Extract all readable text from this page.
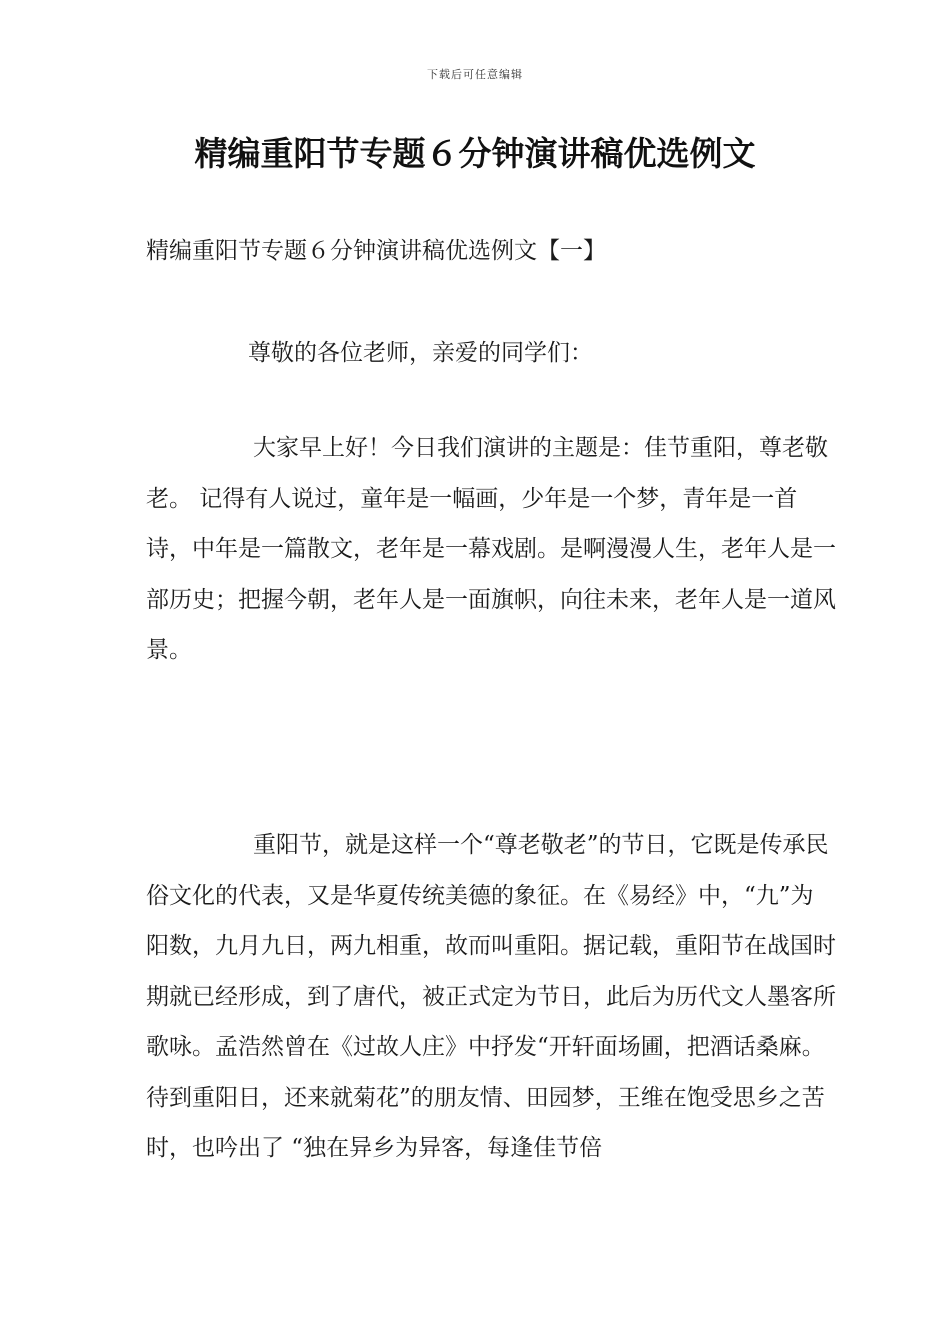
下载后可任意编辑
精编重阳节专题６分钟演讲稿优选例文
精编重阳节专题６分钟演讲稿优选例文【一】

尊敬的各位老师，亲爱的同学们：

大家早上好！今日我们演讲的主题是：佳节重阳，尊老敬老。 记得有人说过，童年是一幅画，少年是一个梦，青年是一首诗，中年是一篇散文，老年是一幕戏剧。是啊漫漫人生，老年人是一部历史；把握今朝，老年人是一面旗帜，向往未来，老年人是一道风景。

重阳节，就是这样一个“尊老敬老”的节日，它既是传承民俗文化的代表，又是华夏传统美德的象征。在《易经》中，“九”为阳数，九月九日，两九相重，故而叫重阳。据记载，重阳节在战国时期就已经形成，到了唐代，被正式定为节日，此后为历代文人墨客所歌咏。孟浩然曾在《过故人庄》中抒发“开轩面场圃，把酒话桑麻。待到重阳日，还来就菊花”的朋友情、田园梦，王维在饱受思乡之苦时，也吟出了 “独在异乡为异客，每逢佳节倍
